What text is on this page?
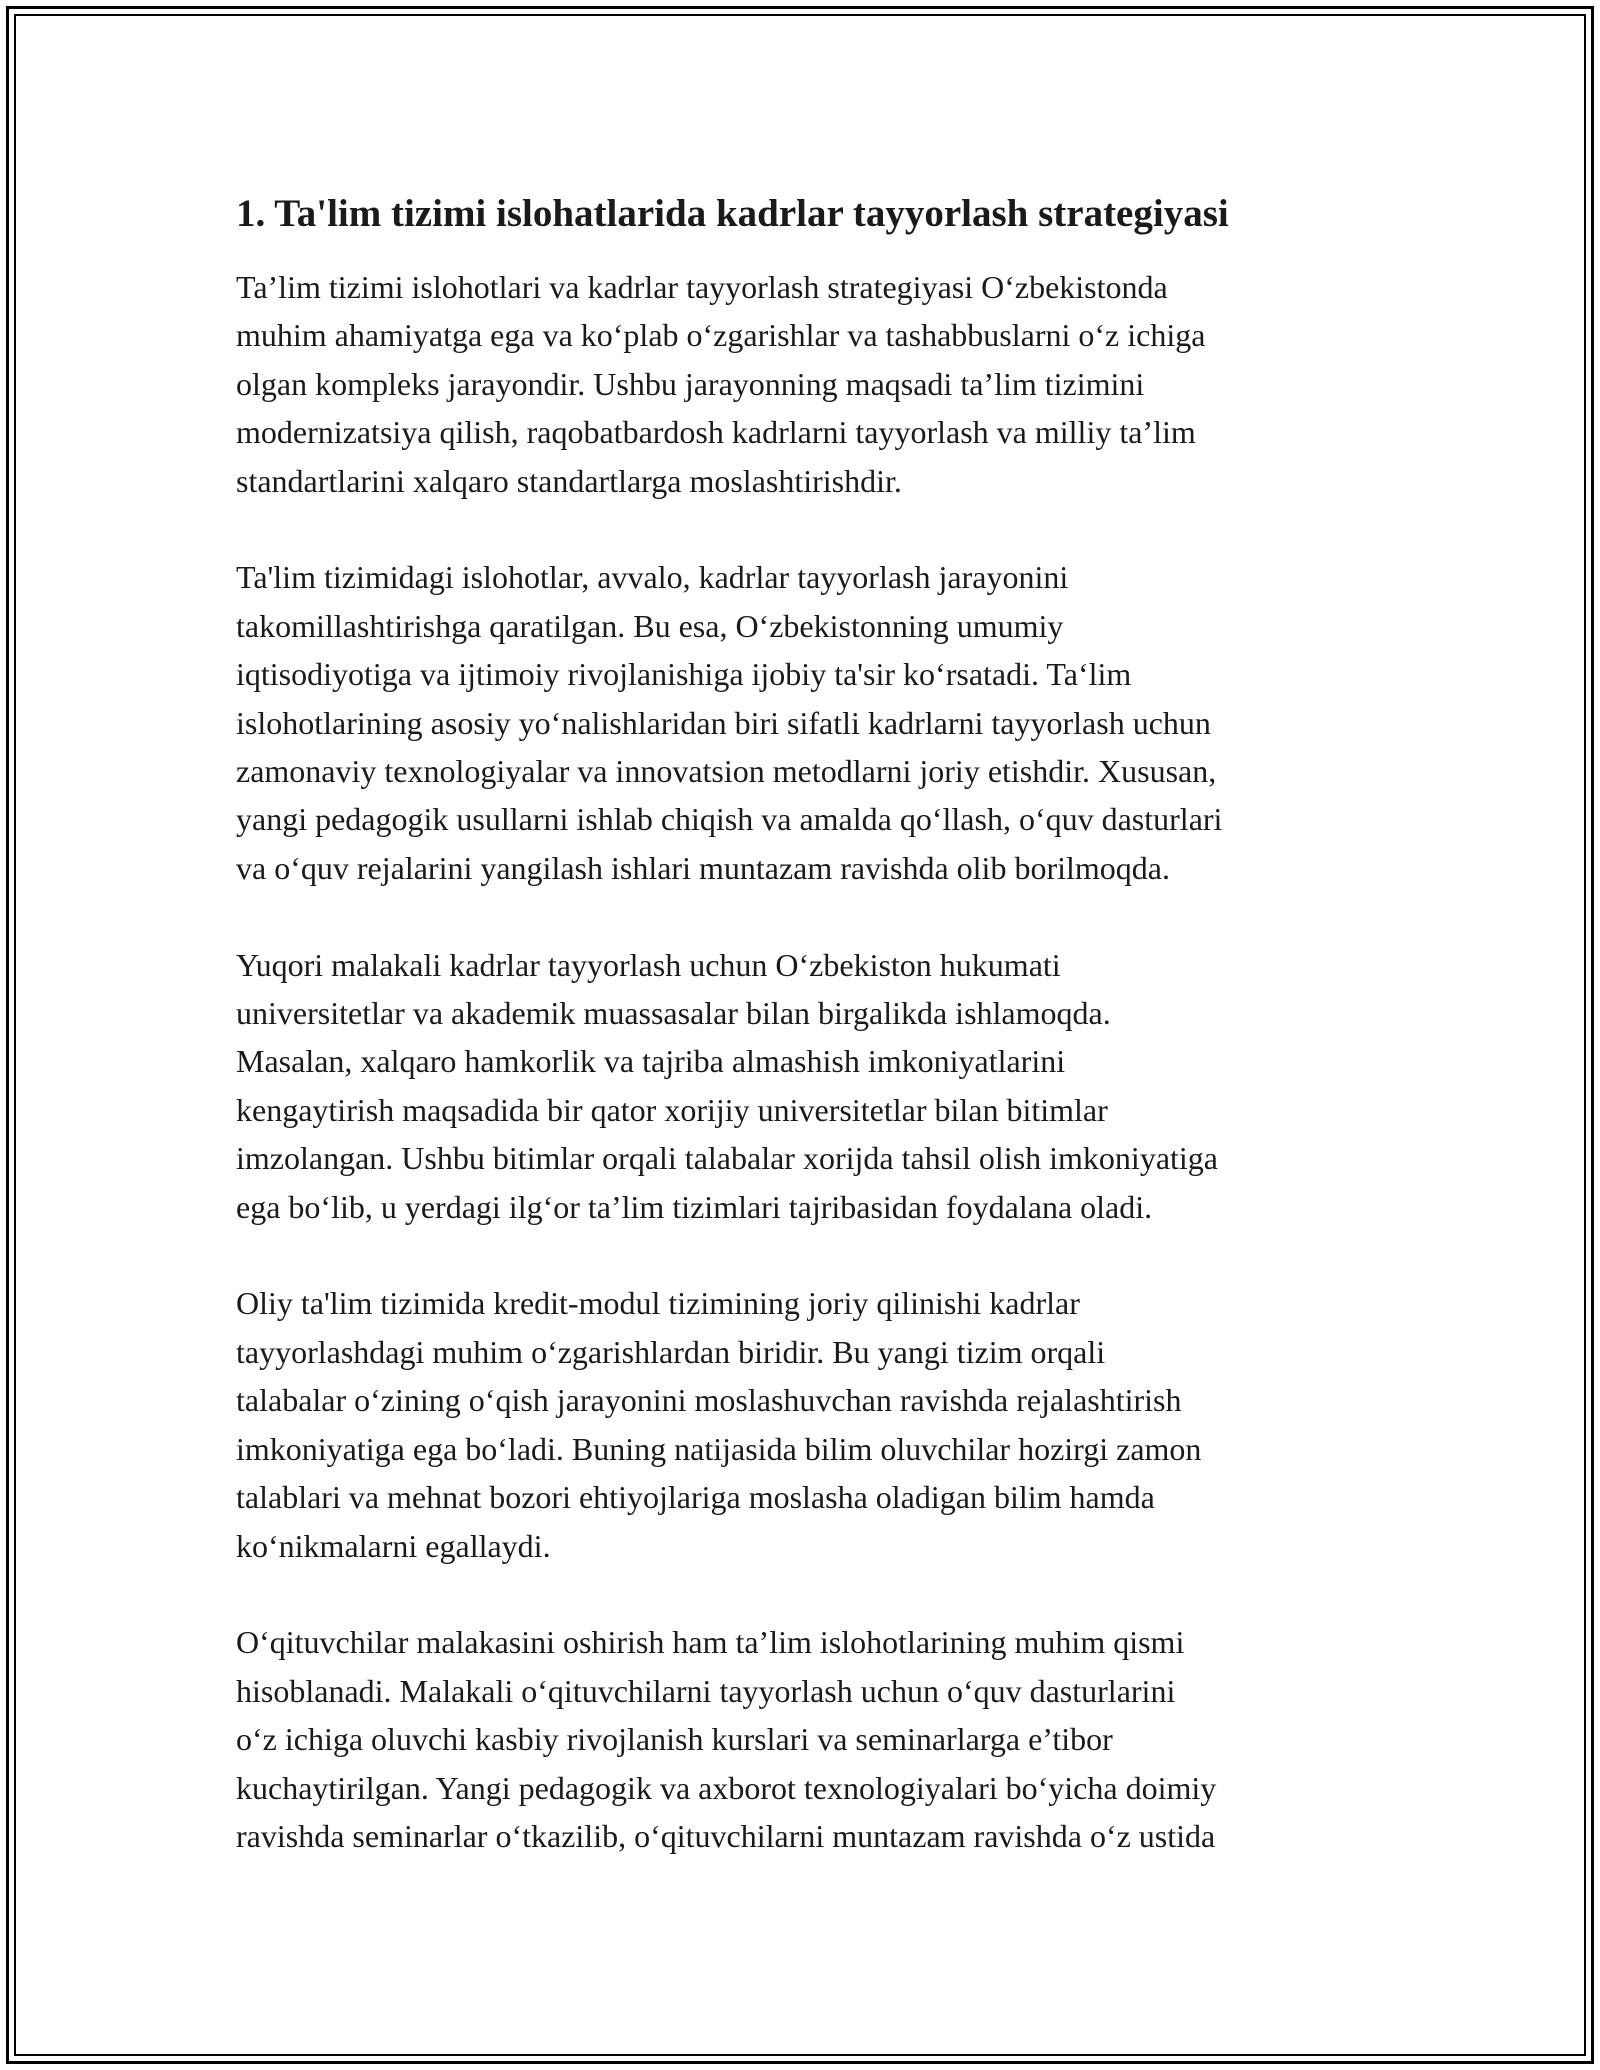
1. Ta'lim tizimi islohatlarida kadrlar tayyorlash strategiyasi
Ta’lim tizimi islohotlari va kadrlar tayyorlash strategiyasi O‘zbekistonda
muhim ahamiyatga ega va ko‘plab o‘zgarishlar va tashabbuslarni o‘z ichiga
olgan kompleks jarayondir. Ushbu jarayonning maqsadi ta’lim tizimini
modernizatsiya qilish, raqobatbardosh kadrlarni tayyorlash va milliy ta’lim
standartlarini xalqaro standartlarga moslashtirishdir.
Ta'lim tizimidagi islohotlar, avvalo, kadrlar tayyorlash jarayonini
takomillashtirishga qaratilgan. Bu esa, O‘zbekistonning umumiy
iqtisodiyotiga va ijtimoiy rivojlanishiga ijobiy ta'sir ko‘rsatadi. Ta‘lim
islohotlarining asosiy yo‘nalishlaridan biri sifatli kadrlarni tayyorlash uchun
zamonaviy texnologiyalar va innovatsion metodlarni joriy etishdir. Xususan,
yangi pedagogik usullarni ishlab chiqish va amalda qo‘llash, o‘quv dasturlari
va o‘quv rejalarini yangilash ishlari muntazam ravishda olib borilmoqda.
Yuqori malakali kadrlar tayyorlash uchun O‘zbekiston hukumati
universitetlar va akademik muassasalar bilan birgalikda ishlamoqda.
Masalan, xalqaro hamkorlik va tajriba almashish imkoniyatlarini
kengaytirish maqsadida bir qator xorijiy universitetlar bilan bitimlar
imzolangan. Ushbu bitimlar orqali talabalar xorijda tahsil olish imkoniyatiga
ega bo‘lib, u yerdagi ilg‘or ta’lim tizimlari tajribasidan foydalana oladi.
Oliy ta'lim tizimida kredit-modul tizimining joriy qilinishi kadrlar
tayyorlashdagi muhim o‘zgarishlardan biridir. Bu yangi tizim orqali
talabalar o‘zining o‘qish jarayonini moslashuvchan ravishda rejalashtirish
imkoniyatiga ega bo‘ladi. Buning natijasida bilim oluvchilar hozirgi zamon
talablari va mehnat bozori ehtiyojlariga moslasha oladigan bilim hamda
ko‘nikmalarni egallaydi.
O‘qituvchilar malakasini oshirish ham ta’lim islohotlarining muhim qismi
hisoblanadi. Malakali o‘qituvchilarni tayyorlash uchun o‘quv dasturlarini
o‘z ichiga oluvchi kasbiy rivojlanish kurslari va seminarlarga e’tibor
kuchaytirilgan. Yangi pedagogik va axborot texnologiyalari bo‘yicha doimiy
ravishda seminarlar o‘tkazilib, o‘qituvchilarni muntazam ravishda o‘z ustida
